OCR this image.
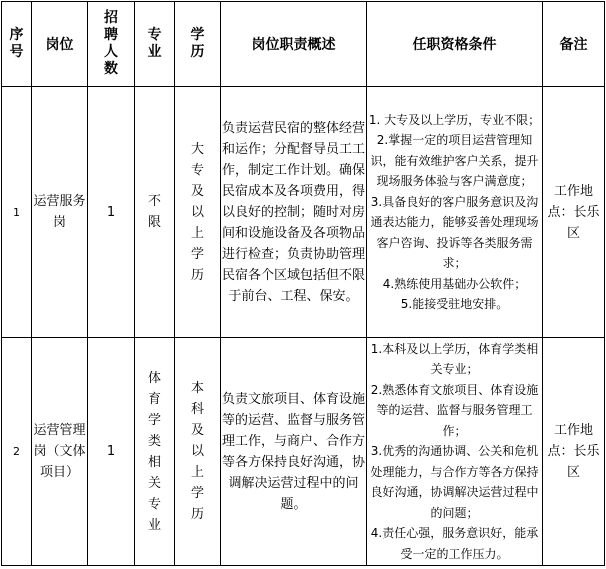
序号	岗位	招聘人数	专业	学历	岗位职责概述	任职资格条件	备注
1	运营服务岗	1	不限	大专及以上学历	负责运营民宿的整体经营和运作；分配督导员工工作，制定工作计划。确保民宿成本及各项费用，得以良好的控制；随时对房间和设施设备及各项物品进行检查；负责协助管理民宿各个区域包括但不限于前台、工程、保安。	1. 大专及以上学历，专业不限；
2.掌握一定的项目运营管理知识，能有效维护客户关系，提升现场服务体验与客户满意度；
3.具备良好的客户服务意识及沟通表达能力，能够妥善处理现场客户咨询、投诉等各类服务需求；
4.熟练使用基础办公软件；
5.能接受驻地安排。	工作地点：长乐区
2	运营管理岗（文体项目）	1	体育学类相关专业	本科及以上学历	负责文旅项目、体育设施等的运营、监督与服务管理工作，与商户、合作方等各方保持良好沟通，协调解决运营过程中的问题。	1.本科及以上学历，体育学类相关专业；
2.熟悉体育文旅项目、体育设施等的运营、监督与服务管理工作；
3.优秀的沟通协调、公关和危机处理能力，与合作方等各方保持良好沟通，协调解决运营过程中的问题；
4.责任心强，服务意识好，能承受一定的工作压力。	工作地点：长乐区
